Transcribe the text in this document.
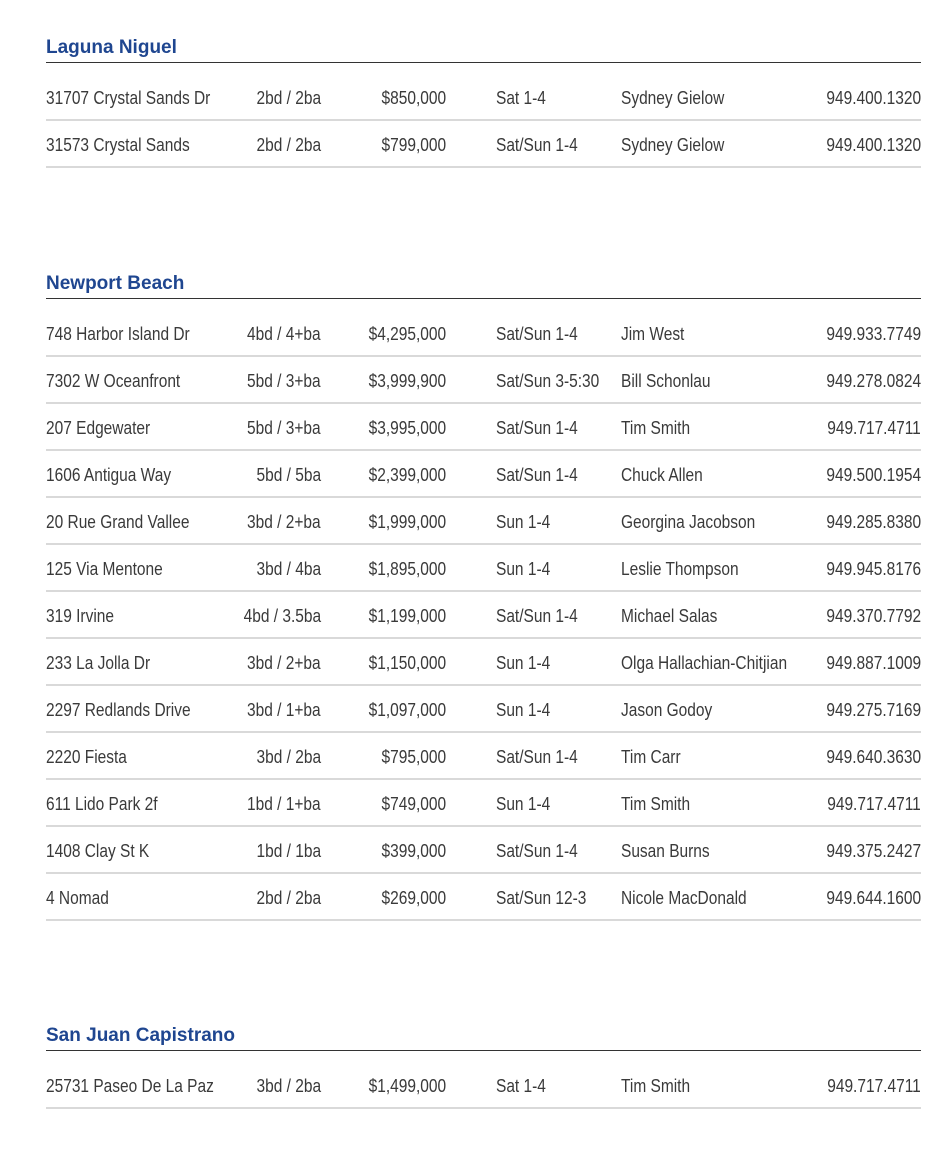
Laguna Niguel
31707 Crystal Sands Dr	2bd / 2ba	$850,000	Sat 1-4	Sydney Gielow	949.400.1320
31573 Crystal Sands	2bd / 2ba	$799,000	Sat/Sun 1-4	Sydney Gielow	949.400.1320
Newport Beach
748 Harbor Island Dr	4bd / 4+ba	$4,295,000	Sat/Sun 1-4	Jim West	949.933.7749
7302 W Oceanfront	5bd / 3+ba	$3,999,900	Sat/Sun 3-5:30	Bill Schonlau	949.278.0824
207 Edgewater	5bd / 3+ba	$3,995,000	Sat/Sun 1-4	Tim Smith	949.717.4711
1606 Antigua Way	5bd / 5ba	$2,399,000	Sat/Sun 1-4	Chuck Allen	949.500.1954
20 Rue Grand Vallee	3bd / 2+ba	$1,999,000	Sun 1-4	Georgina Jacobson	949.285.8380
125 Via Mentone	3bd / 4ba	$1,895,000	Sun 1-4	Leslie Thompson	949.945.8176
319 Irvine	4bd / 3.5ba	$1,199,000	Sat/Sun 1-4	Michael Salas	949.370.7792
233 La Jolla Dr	3bd / 2+ba	$1,150,000	Sun 1-4	Olga Hallachian-Chitjian	949.887.1009
2297 Redlands Drive	3bd / 1+ba	$1,097,000	Sun 1-4	Jason Godoy	949.275.7169
2220 Fiesta	3bd / 2ba	$795,000	Sat/Sun 1-4	Tim Carr	949.640.3630
611 Lido Park 2f	1bd / 1+ba	$749,000	Sun 1-4	Tim Smith	949.717.4711
1408 Clay St K	1bd / 1ba	$399,000	Sat/Sun 1-4	Susan Burns	949.375.2427
4 Nomad	2bd / 2ba	$269,000	Sat/Sun 12-3	Nicole MacDonald	949.644.1600
San Juan Capistrano
25731 Paseo De La Paz	3bd / 2ba	$1,499,000	Sat 1-4	Tim Smith	949.717.4711
